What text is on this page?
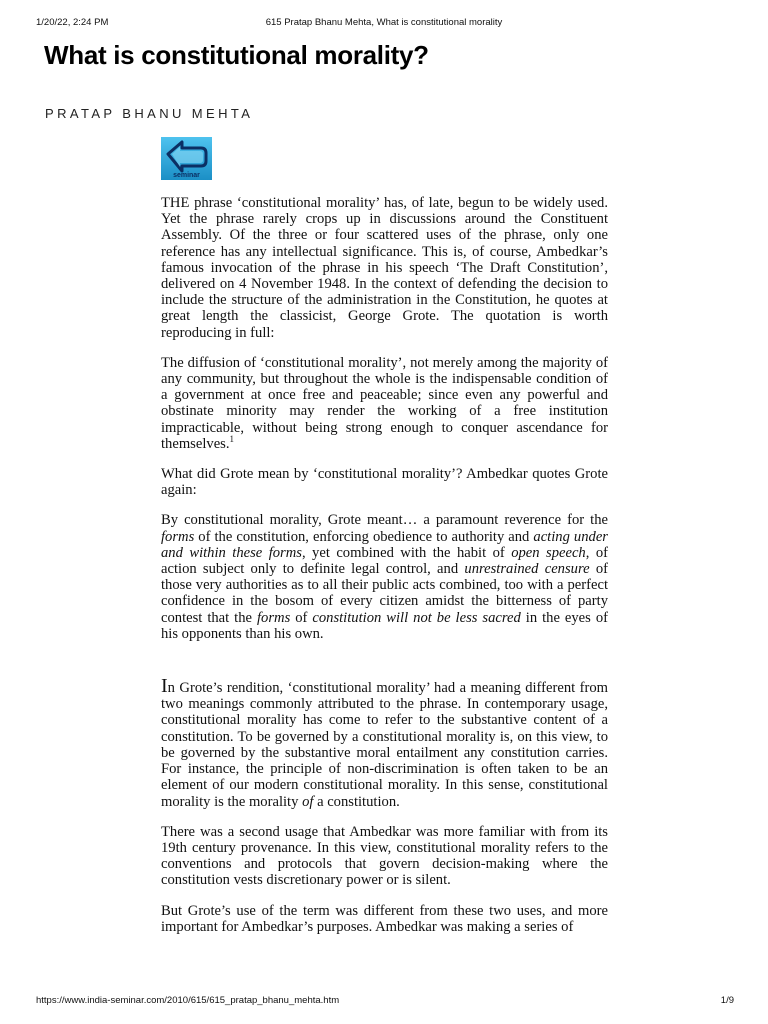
1/20/22, 2:24 PM	615 Pratap Bhanu Mehta, What is constitutional morality
What is constitutional morality?
PRATAP BHANU MEHTA
seminar

THE phrase ‘constitutional morality’ has, of late, begun to be widely used. Yet the phrase rarely crops up in discussions around the Constituent Assembly. Of the three or four scattered uses of the phrase, only one reference has any intellectual significance. This is, of course, Ambedkar’s famous invocation of the phrase in his speech ‘The Draft Constitution’, delivered on 4 November 1948. In the context of defending the decision to include the structure of the administration in the Constitution, he quotes at great length the classicist, George Grote. The quotation is worth reproducing in full:

The diffusion of ‘constitutional morality’, not merely among the majority of any community, but throughout the whole is the indispensable condition of a government at once free and peaceable; since even any powerful and obstinate minority may render the working of a free institution impracticable, without being strong enough to conquer ascendance for themselves.$^1$

What did Grote mean by ‘constitutional morality’? Ambedkar quotes Grote again:

By constitutional morality, Grote meant… a paramount reverence for the forms of the constitution, enforcing obedience to authority and acting under and within these forms, yet combined with the habit of open speech, of action subject only to definite legal control, and unrestrained censure of those very authorities as to all their public acts combined, too with a perfect confidence in the bosom of every citizen amidst the bitterness of party contest that the forms of constitution will not be less sacred in the eyes of his opponents than his own.

In Grote’s rendition, ‘constitutional morality’ had a meaning different from two meanings commonly attributed to the phrase. In contemporary usage, constitutional morality has come to refer to the substantive content of a constitution. To be governed by a constitutional morality is, on this view, to be governed by the substantive moral entailment any constitution carries. For instance, the principle of non-discrimination is often taken to be an element of our modern constitutional morality. In this sense, constitutional morality is the morality of a constitution.

There was a second usage that Ambedkar was more familiar with from its 19th century provenance. In this view, constitutional morality refers to the conventions and protocols that govern decision-making where the constitution vests discretionary power or is silent.

But Grote’s use of the term was different from these two uses, and more important for Ambedkar’s purposes. Ambedkar was making a series of

https://www.india-seminar.com/2010/615/615_pratap_bhanu_mehta.htm	1/9
